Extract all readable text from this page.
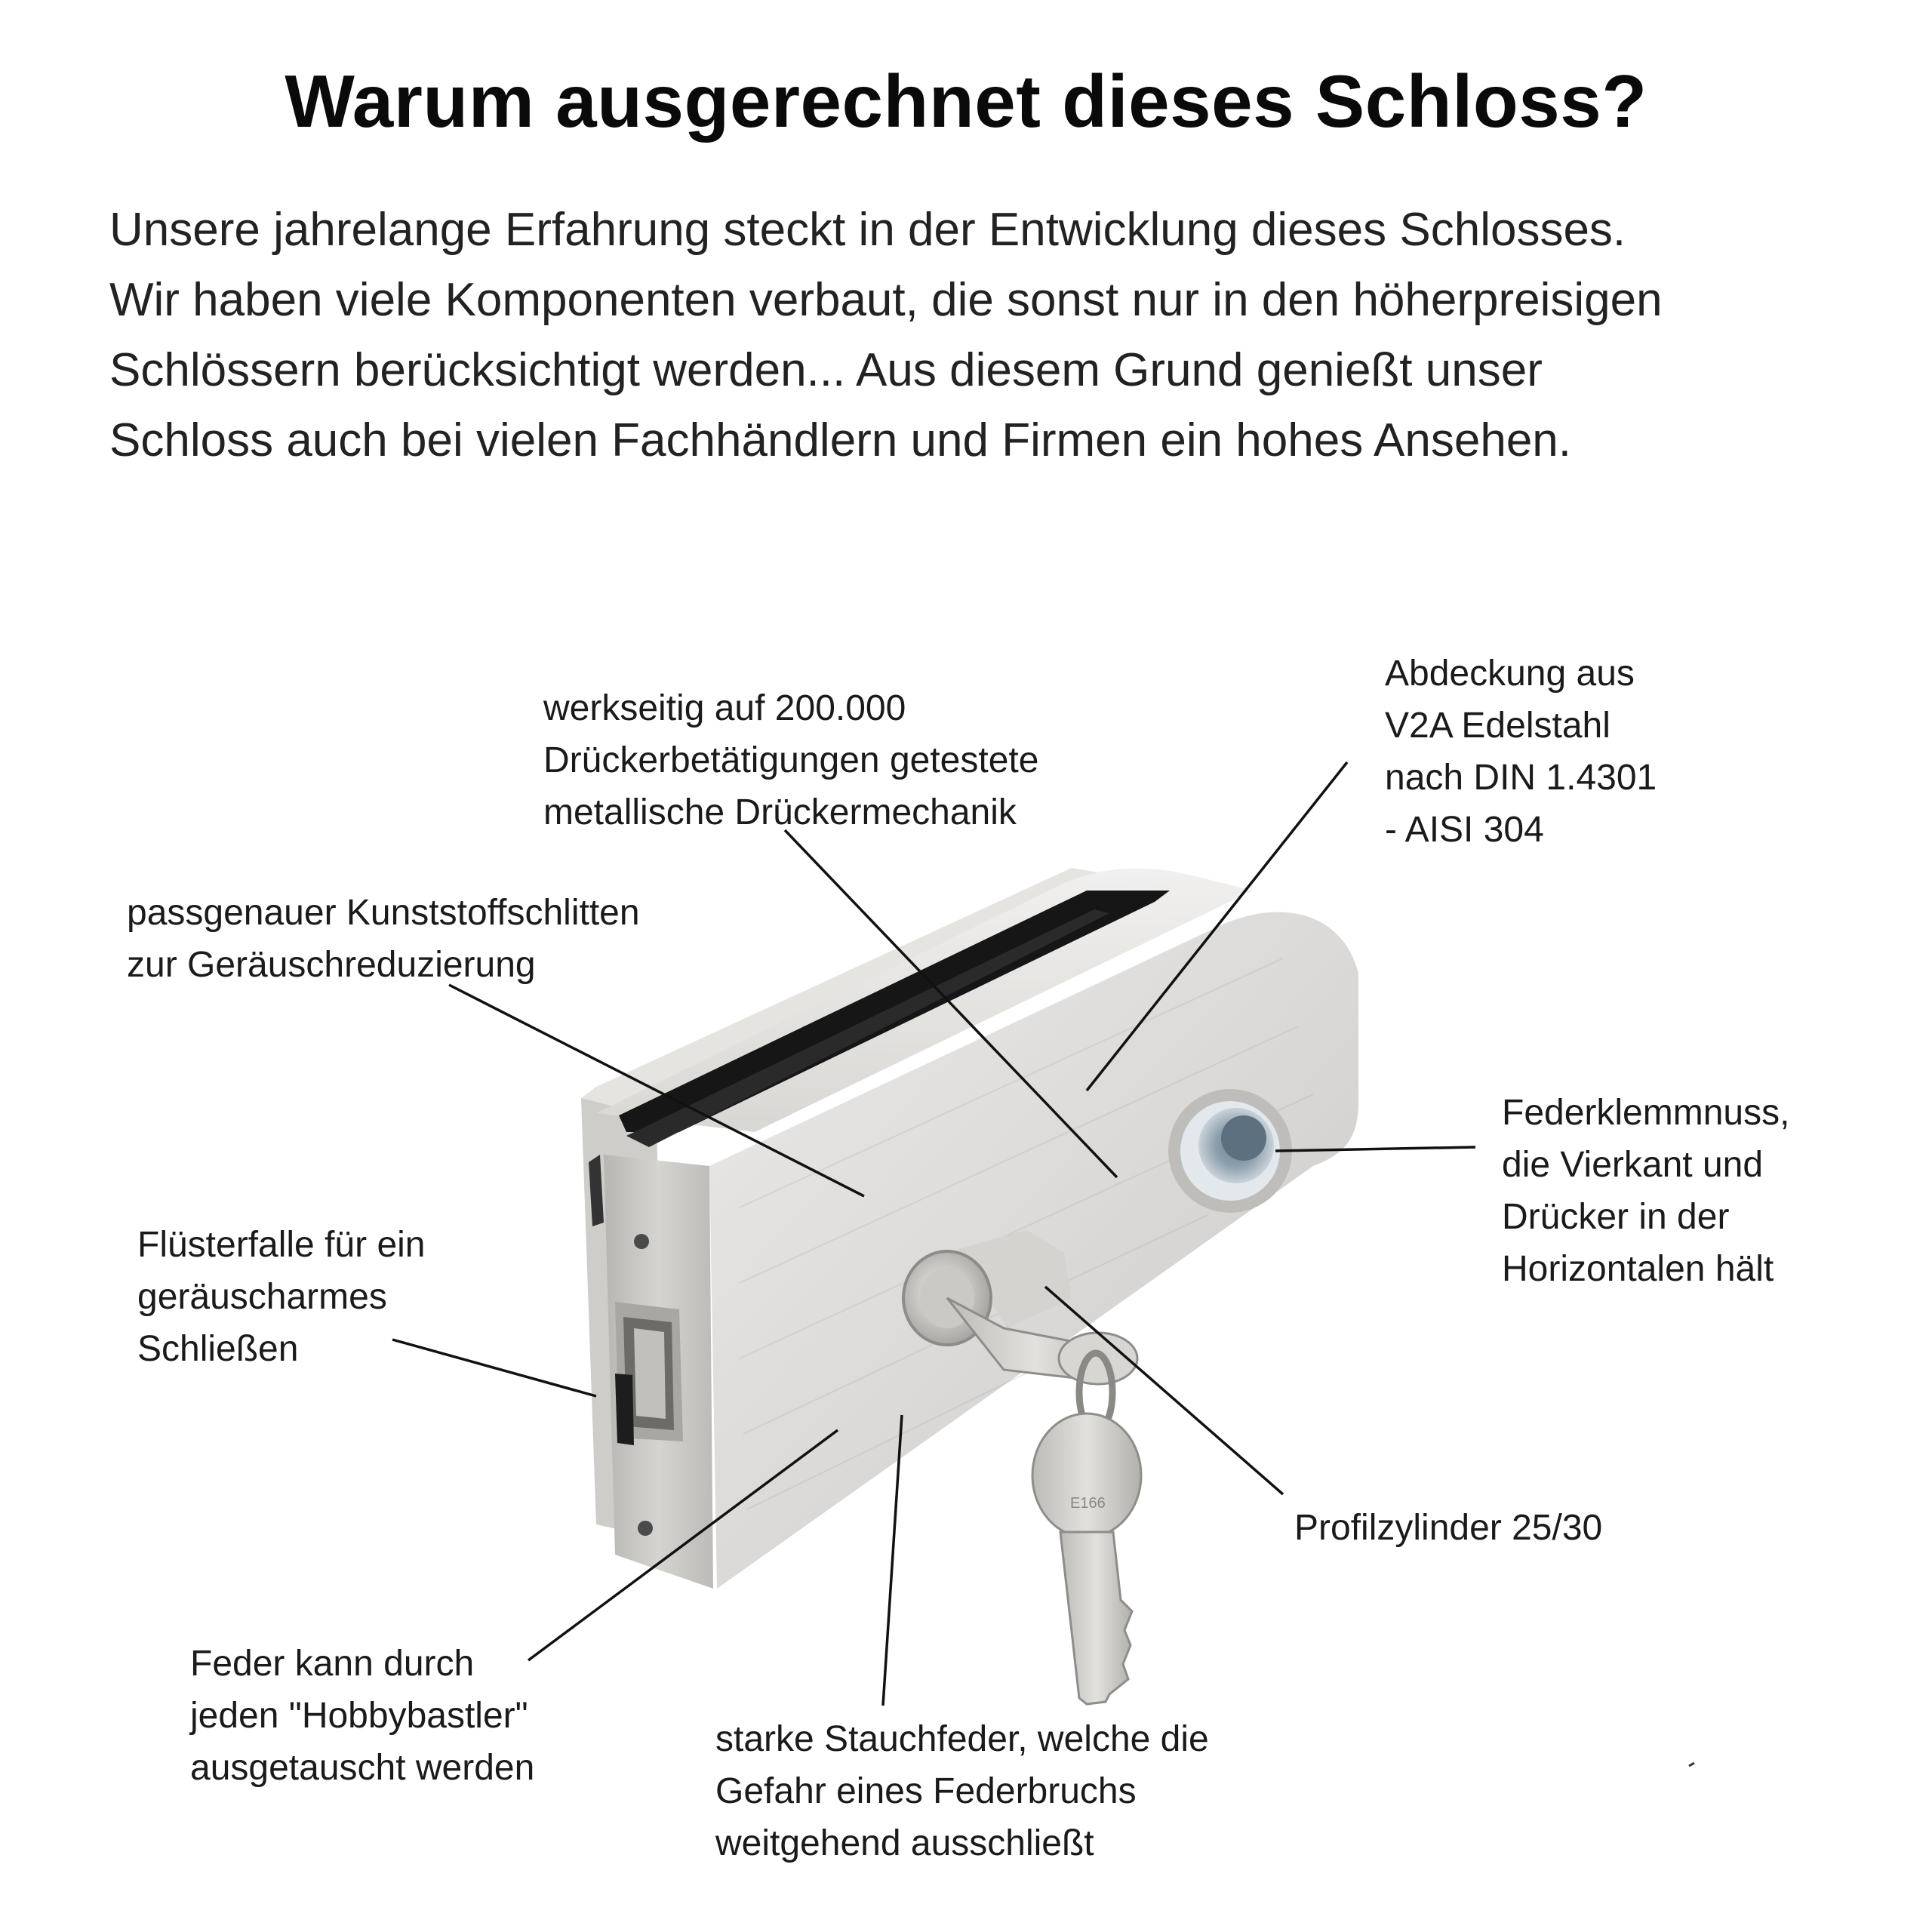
E166
Warum ausgerechnet dieses Schloss?
Unsere jahrelange Erfahrung steckt in der Entwicklung dieses Schlosses.
Wir haben viele Komponenten verbaut, die sonst nur in den höherpreisigen
Schlössern berücksichtigt werden... Aus diesem Grund genießt unser
Schloss auch bei vielen Fachhändlern und Firmen ein hohes Ansehen.
werkseitig auf 200.000
Drückerbetätigungen getestete
metallische Drückermechanik
Abdeckung aus
V2A Edelstahl
nach DIN 1.4301
- AISI 304
passgenauer Kunststoffschlitten
zur Geräuschreduzierung
Federklemmnuss,
die Vierkant und
Drücker in der
Horizontalen hält
Flüsterfalle für ein
geräuscharmes
Schließen
Profilzylinder 25/30
Feder kann durch
jeden "Hobbybastler"
ausgetauscht werden
starke Stauchfeder, welche die
Gefahr eines Federbruchs
weitgehend ausschließt
